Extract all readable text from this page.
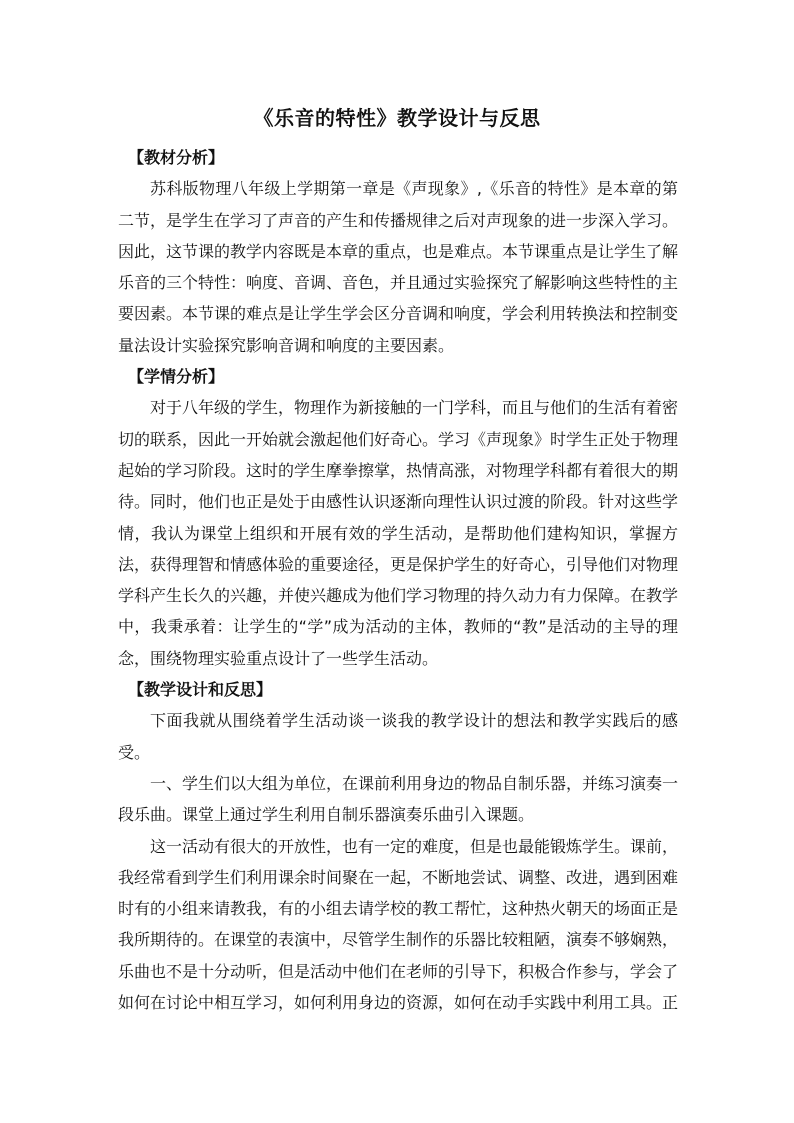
《乐音的特性》教学设计与反思

【教材分析】

苏科版物理八年级上学期第一章是《声现象》,《乐音的特性》是本章的第二节，是学生在学习了声音的产生和传播规律之后对声现象的进一步深入学习。因此，这节课的教学内容既是本章的重点，也是难点。本节课重点是让学生了解乐音的三个特性：响度、音调、音色，并且通过实验探究了解影响这些特性的主要因素。本节课的难点是让学生学会区分音调和响度，学会利用转换法和控制变量法设计实验探究影响音调和响度的主要因素。

【学情分析】

对于八年级的学生，物理作为新接触的一门学科，而且与他们的生活有着密切的联系，因此一开始就会激起他们好奇心。学习《声现象》时学生正处于物理起始的学习阶段。这时的学生摩拳擦掌，热情高涨，对物理学科都有着很大的期待。同时，他们也正是处于由感性认识逐渐向理性认识过渡的阶段。针对这些学情，我认为课堂上组织和开展有效的学生活动，是帮助他们建构知识，掌握方法，获得理智和情感体验的重要途径，更是保护学生的好奇心，引导他们对物理学科产生长久的兴趣，并使兴趣成为他们学习物理的持久动力有力保障。在教学中，我秉承着：让学生的“学”成为活动的主体，教师的“教”是活动的主导的理念，围绕物理实验重点设计了一些学生活动。

【教学设计和反思】

下面我就从围绕着学生活动谈一谈我的教学设计的想法和教学实践后的感受。

一、学生们以大组为单位，在课前利用身边的物品自制乐器，并练习演奏一段乐曲。课堂上通过学生利用自制乐器演奏乐曲引入课题。

这一活动有很大的开放性，也有一定的难度，但是也最能锻炼学生。课前，我经常看到学生们利用课余时间聚在一起，不断地尝试、调整、改进，遇到困难时有的小组来请教我，有的小组去请学校的教工帮忙，这种热火朝天的场面正是我所期待的。在课堂的表演中，尽管学生制作的乐器比较粗陋，演奏不够娴熟，乐曲也不是十分动听，但是活动中他们在老师的引导下，积极合作参与，学会了如何在讨论中相互学习，如何利用身边的资源，如何在动手实践中利用工具。正
